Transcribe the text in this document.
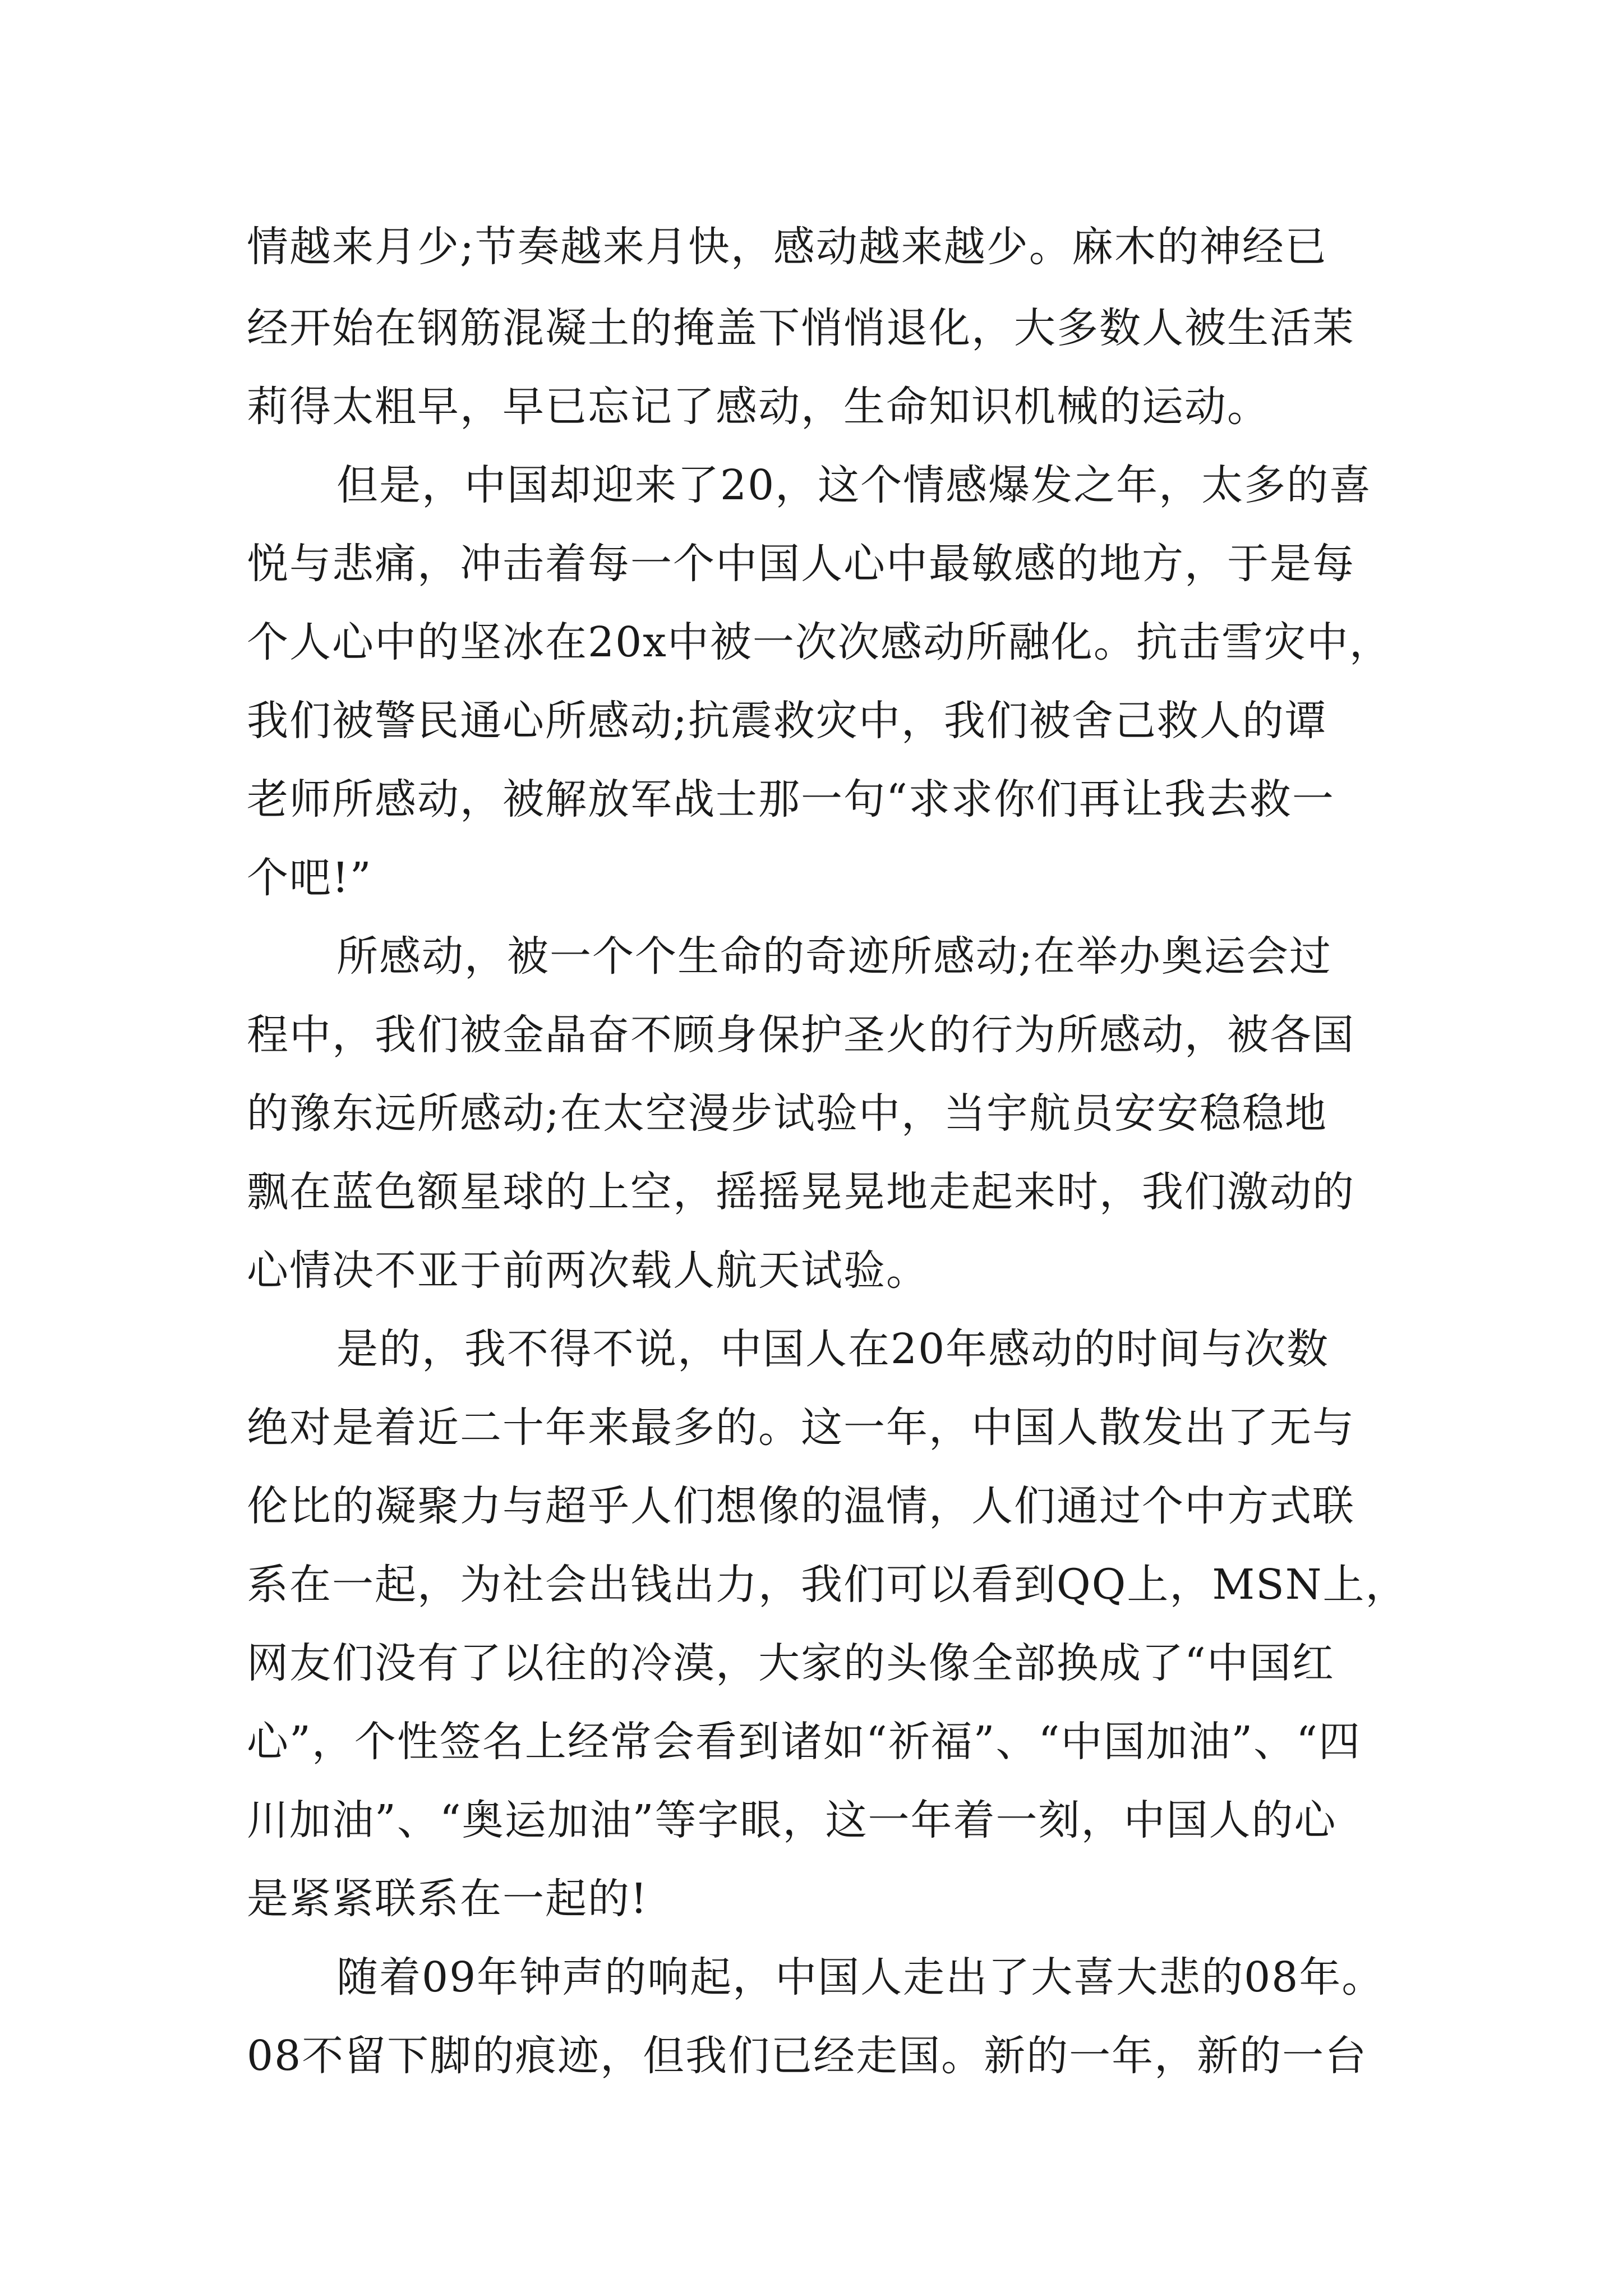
情越来月少;节奏越来月快，感动越来越少。麻木的神经已
经开始在钢筋混凝土的掩盖下悄悄退化，大多数人被生活茉
莉得太粗早，早已忘记了感动，生命知识机械的运动。
但是，中国却迎来了20，这个情感爆发之年，太多的喜
悦与悲痛，冲击着每一个中国人心中最敏感的地方，于是每
个人心中的坚冰在20x中被一次次感动所融化。抗击雪灾中，
我们被警民通心所感动;抗震救灾中，我们被舍己救人的谭
老师所感动，被解放军战士那一句“求求你们再让我去救一
个吧!”
所感动，被一个个生命的奇迹所感动;在举办奥运会过
程中，我们被金晶奋不顾身保护圣火的行为所感动，被各国
的豫东远所感动;在太空漫步试验中，当宇航员安安稳稳地
飘在蓝色额星球的上空，摇摇晃晃地走起来时，我们激动的
心情决不亚于前两次载人航天试验。
是的，我不得不说，中国人在20年感动的时间与次数
绝对是着近二十年来最多的。这一年，中国人散发出了无与
伦比的凝聚力与超乎人们想像的温情，人们通过个中方式联
系在一起，为社会出钱出力，我们可以看到QQ上，MSN上，
网友们没有了以往的冷漠，大家的头像全部换成了“中国红
心”，个性签名上经常会看到诸如“祈福”、“中国加油”、“四
川加油”、“奥运加油”等字眼，这一年着一刻，中国人的心
是紧紧联系在一起的!
随着09年钟声的响起，中国人走出了大喜大悲的08年。
08不留下脚的痕迹，但我们已经走国。新的一年，新的一台
